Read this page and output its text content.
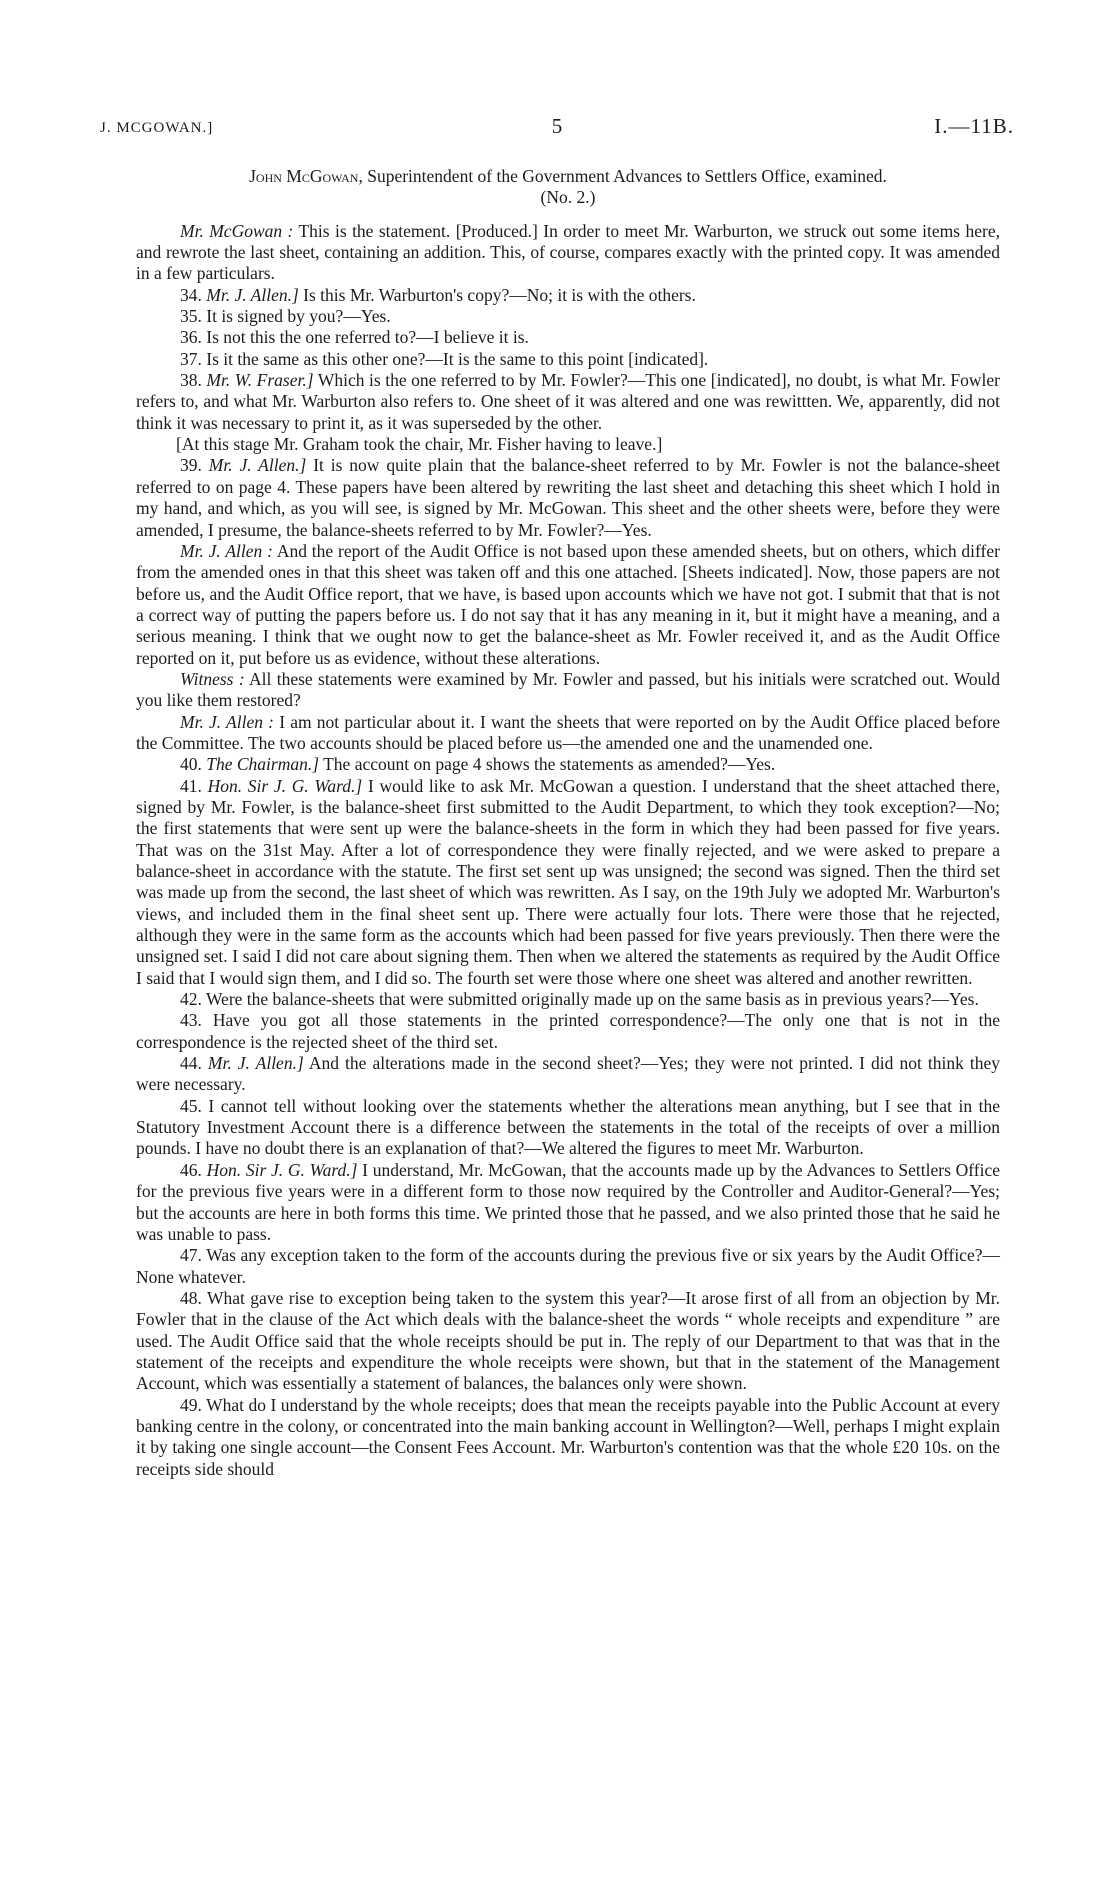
J. MCGOWAN.]	5	I.—11B.
John McGowan, Superintendent of the Government Advances to Settlers Office, examined.
(No. 2.)

Mr. McGowan : This is the statement. [Produced.] In order to meet Mr. Warburton, we struck out some items here, and rewrote the last sheet, containing an addition. This, of course, compares exactly with the printed copy. It was amended in a few particulars.

34. Mr. J. Allen.] Is this Mr. Warburton's copy?—No; it is with the others.

35. It is signed by you?—Yes.

36. Is not this the one referred to?—I believe it is.

37. Is it the same as this other one?—It is the same to this point [indicated].

38. Mr. W. Fraser.] Which is the one referred to by Mr. Fowler?—This one [indicated], no doubt, is what Mr. Fowler refers to, and what Mr. Warburton also refers to. One sheet of it was altered and one was rewittten. We, apparently, did not think it was necessary to print it, as it was superseded by the other.

[At this stage Mr. Graham took the chair, Mr. Fisher having to leave.]

39. Mr. J. Allen.] It is now quite plain that the balance-sheet referred to by Mr. Fowler is not the balance-sheet referred to on page 4. These papers have been altered by rewriting the last sheet and detaching this sheet which I hold in my hand, and which, as you will see, is signed by Mr. McGowan. This sheet and the other sheets were, before they were amended, I presume, the balance-sheets referred to by Mr. Fowler?—Yes.

Mr. J. Allen : And the report of the Audit Office is not based upon these amended sheets, but on others, which differ from the amended ones in that this sheet was taken off and this one attached. [Sheets indicated]. Now, those papers are not before us, and the Audit Office report, that we have, is based upon accounts which we have not got. I submit that that is not a correct way of putting the papers before us. I do not say that it has any meaning in it, but it might have a meaning, and a serious meaning. I think that we ought now to get the balance-sheet as Mr. Fowler received it, and as the Audit Office reported on it, put before us as evidence, without these alterations.

Witness : All these statements were examined by Mr. Fowler and passed, but his initials were scratched out. Would you like them restored?

Mr. J. Allen : I am not particular about it. I want the sheets that were reported on by the Audit Office placed before the Committee. The two accounts should be placed before us—the amended one and the unamended one.

40. The Chairman.] The account on page 4 shows the statements as amended?—Yes.

41. Hon. Sir J. G. Ward.] I would like to ask Mr. McGowan a question. I understand that the sheet attached there, signed by Mr. Fowler, is the balance-sheet first submitted to the Audit Department, to which they took exception?—No; the first statements that were sent up were the balance-sheets in the form in which they had been passed for five years. That was on the 31st May. After a lot of correspondence they were finally rejected, and we were asked to prepare a balance-sheet in accordance with the statute. The first set sent up was unsigned; the second was signed. Then the third set was made up from the second, the last sheet of which was rewritten. As I say, on the 19th July we adopted Mr. Warburton's views, and included them in the final sheet sent up. There were actually four lots. There were those that he rejected, although they were in the same form as the accounts which had been passed for five years previously. Then there were the unsigned set. I said I did not care about signing them. Then when we altered the statements as required by the Audit Office I said that I would sign them, and I did so. The fourth set were those where one sheet was altered and another rewritten.

42. Were the balance-sheets that were submitted originally made up on the same basis as in previous years?—Yes.

43. Have you got all those statements in the printed correspondence?—The only one that is not in the correspondence is the rejected sheet of the third set.

44. Mr. J. Allen.] And the alterations made in the second sheet?—Yes; they were not printed. I did not think they were necessary.

45. I cannot tell without looking over the statements whether the alterations mean anything, but I see that in the Statutory Investment Account there is a difference between the statements in the total of the receipts of over a million pounds. I have no doubt there is an explanation of that?—We altered the figures to meet Mr. Warburton.

46. Hon. Sir J. G. Ward.] I understand, Mr. McGowan, that the accounts made up by the Advances to Settlers Office for the previous five years were in a different form to those now required by the Controller and Auditor-General?—Yes; but the accounts are here in both forms this time. We printed those that he passed, and we also printed those that he said he was unable to pass.

47. Was any exception taken to the form of the accounts during the previous five or six years by the Audit Office?—None whatever.

48. What gave rise to exception being taken to the system this year?—It arose first of all from an objection by Mr. Fowler that in the clause of the Act which deals with the balance-sheet the words “ whole receipts and expenditure ” are used. The Audit Office said that the whole receipts should be put in. The reply of our Department to that was that in the statement of the receipts and expenditure the whole receipts were shown, but that in the statement of the Management Account, which was essentially a statement of balances, the balances only were shown.

49. What do I understand by the whole receipts; does that mean the receipts payable into the Public Account at every banking centre in the colony, or concentrated into the main banking account in Wellington?—Well, perhaps I might explain it by taking one single account—the Consent Fees Account. Mr. Warburton's contention was that the whole £20 10s. on the receipts side should
